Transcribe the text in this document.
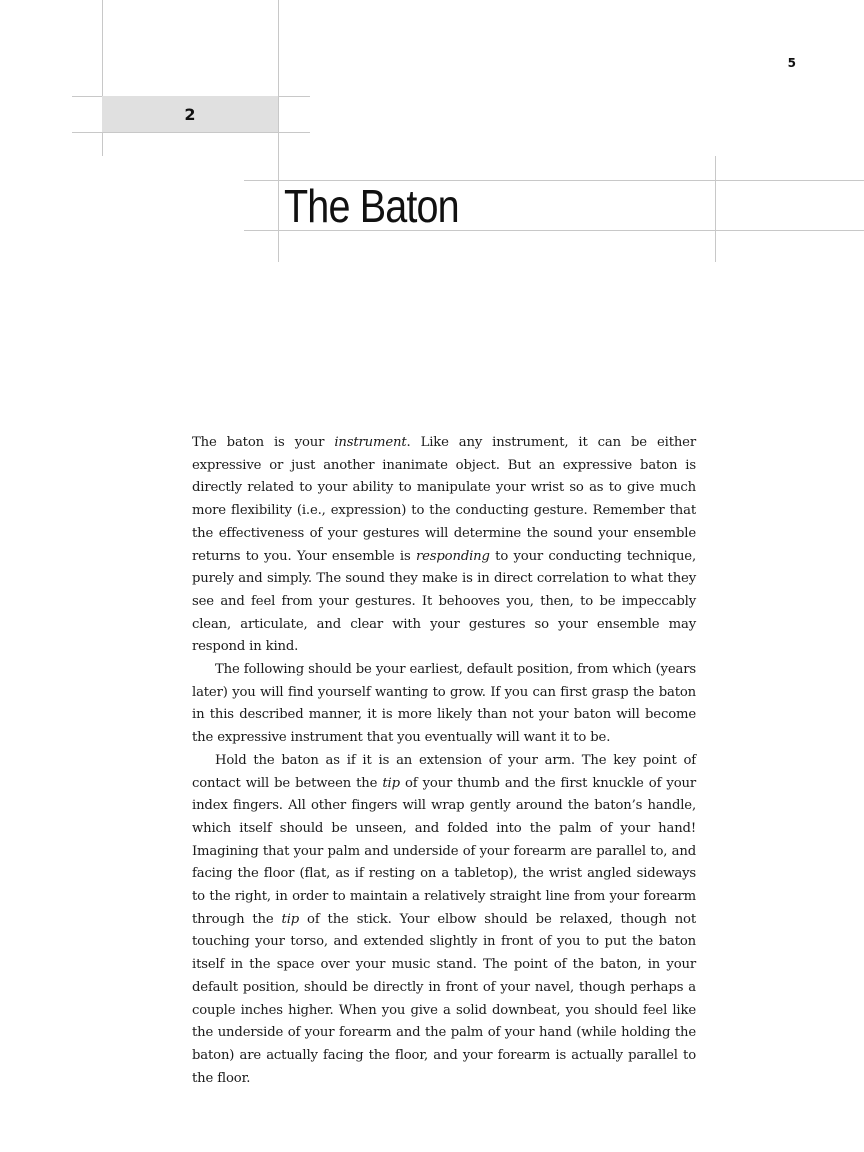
2
5
The Baton

The baton is your instrument. Like any instrument, it can be either expressive or just another inanimate object. But an expressive baton is directly related to your ability to manipulate your wrist so as to give much more flexibility (i.e., expression) to the conducting gesture. Remember that the effectiveness of your gestures will determine the sound your ensemble returns to you. Your ensemble is responding to your conducting technique, purely and simply. The sound they make is in direct correlation to what they see and feel from your gestures. It behooves you, then, to be impeccably clean, articulate, and clear with your gestures so your ensemble may respond in kind.

The following should be your earliest, default position, from which (years later) you will find yourself wanting to grow. If you can first grasp the baton in this described manner, it is more likely than not your baton will become the expressive instrument that you eventually will want it to be.

Hold the baton as if it is an extension of your arm. The key point of contact will be between the tip of your thumb and the first knuckle of your index fingers. All other fingers will wrap gently around the baton’s handle, which itself should be unseen, and folded into the palm of your hand! Imagining that your palm and underside of your forearm are parallel to, and facing the floor (flat, as if resting on a tabletop), the wrist angled sideways to the right, in order to maintain a relatively straight line from your forearm through the tip of the stick. Your elbow should be relaxed, though not touching your torso, and extended slightly in front of you to put the baton itself in the space over your music stand. The point of the baton, in your default position, should be directly in front of your navel, though perhaps a couple inches higher. When you give a solid downbeat, you should feel like the underside of your forearm and the palm of your hand (while holding the baton) are actually facing the floor, and your forearm is actually parallel to the floor.
